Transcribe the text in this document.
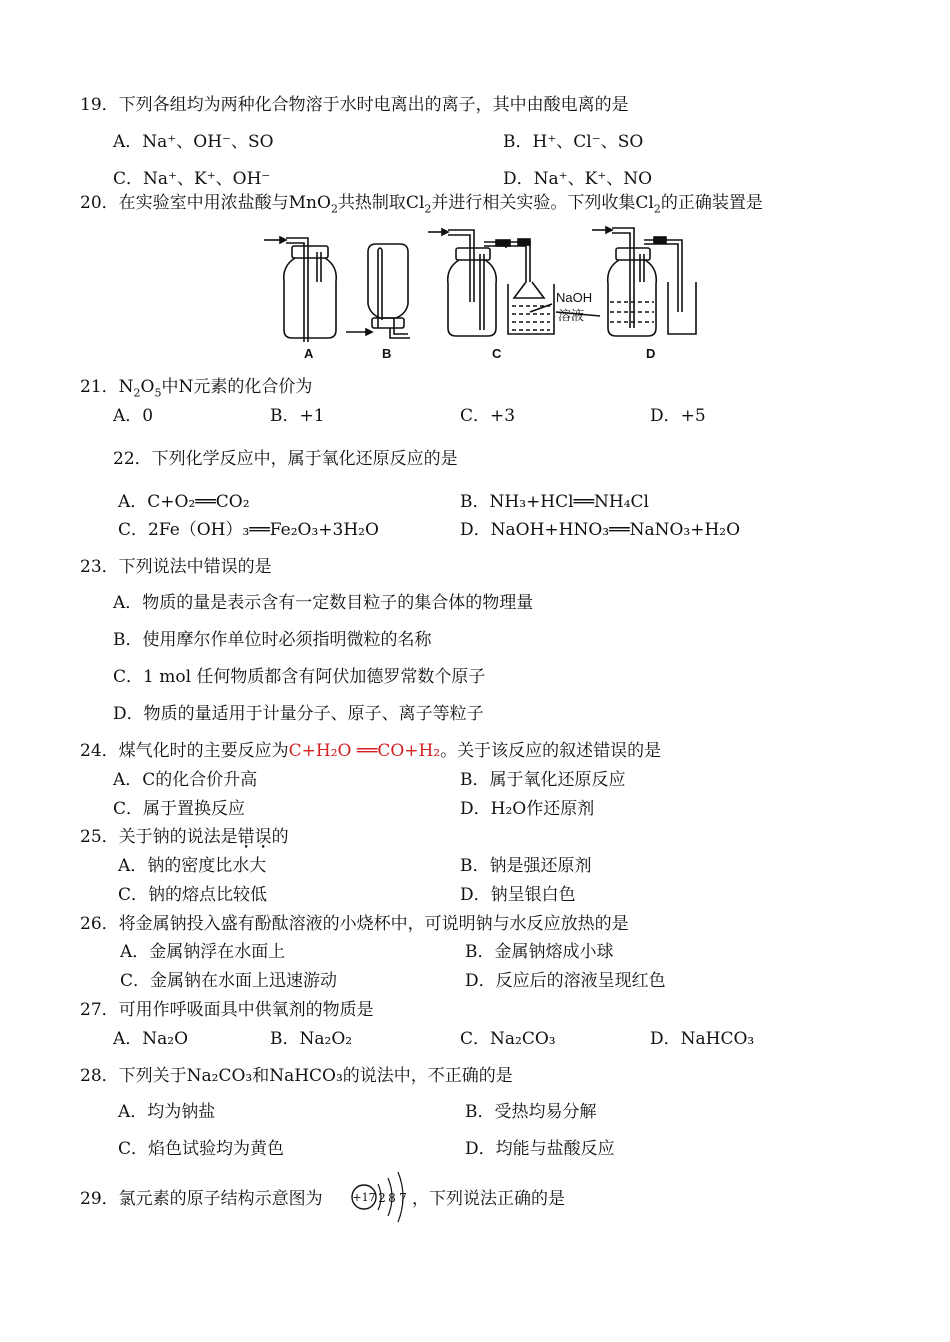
19．下列各组均为两种化合物溶于水时电离出的离子，其中由酸电离的是
A．Na⁺、OH⁻、SO	B．H⁺、Cl⁻、SO
C．Na⁺、K⁺、OH⁻	D．Na⁺、K⁺、NO
20．在实验室中用浓盐酸与MnO$_2$共热制取$Cl_2$并进行相关实验。下列收集$Cl_2$的正确装置是
NaOH
溶液
A	B	C	D
21．$N_2O_5$中N元素的化合价为
A．0	B．+1	C．+3	D．+5
22．下列化学反应中，属于氧化还原反应的是
A．C+O₂══CO₂	B．NH₃+HCl══NH₄Cl
C．2Fe（OH）₃══Fe₂O₃+3H₂O	D．NaOH+HNO₃══NaNO₃+H₂O
23．下列说法中错误的是
A．物质的量是表示含有一定数目粒子的集合体的物理量
B．使用摩尔作单位时必须指明微粒的名称
C．1 mol 任何物质都含有阿伏加德罗常数个原子
D．物质的量适用于计量分子、原子、离子等粒子
24．煤气化时的主要反应为C+H₂O ══CO+H₂。关于该反应的叙述错误的是
A．C的化合价升高	B．属于氧化还原反应
C．属于置换反应	D．H₂O作还原剂
25．关于钠的说法是错误的
A．钠的密度比水大	B．钠是强还原剂
C．钠的熔点比较低	D．钠呈银白色
26．将金属钠投入盛有酚酞溶液的小烧杯中，可说明钠与水反应放热的是
A．金属钠浮在水面上	B．金属钠熔成小球
C．金属钠在水面上迅速游动	D．反应后的溶液呈现红色
27．可用作呼吸面具中供氧剂的物质是
A．Na₂O	B．Na₂O₂	C．Na₂CO₃	D．NaHCO₃
28．下列关于Na₂CO₃和NaHCO₃的说法中，不正确的是
A．均为钠盐	B．受热均易分解
C．焰色试验均为黄色	D．均能与盐酸反应
29．氯元素的原子结构示意图为	+17 2 8 7 ，下列说法正确的是
